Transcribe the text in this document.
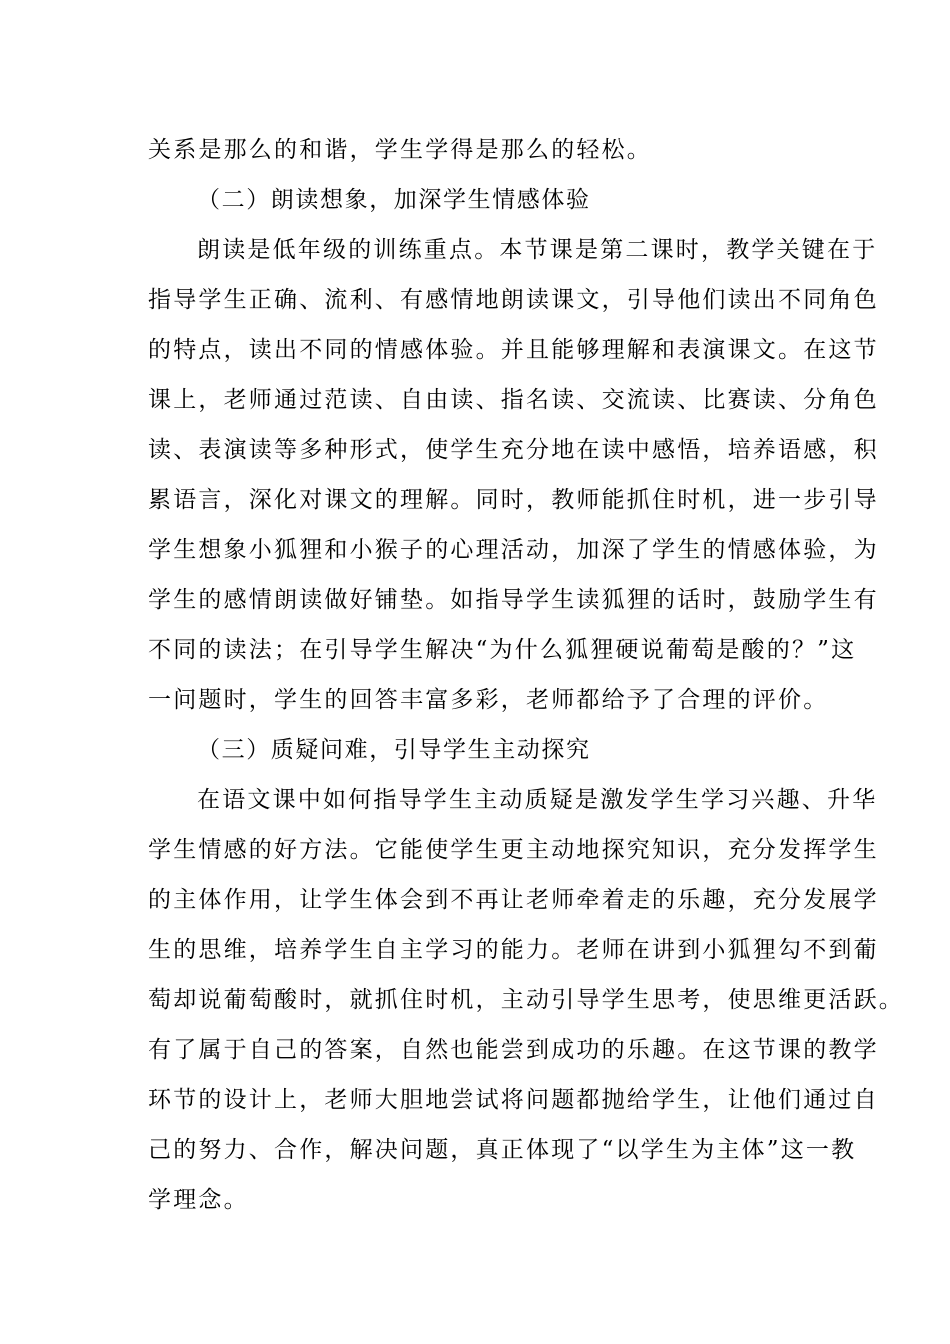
关系是那么的和谐，学生学得是那么的轻松。
（二）朗读想象，加深学生情感体验
朗读是低年级的训练重点。本节课是第二课时，教学关键在于
指导学生正确、流利、有感情地朗读课文，引导他们读出不同角色
的特点，读出不同的情感体验。并且能够理解和表演课文。在这节
课上，老师通过范读、自由读、指名读、交流读、比赛读、分角色
读、表演读等多种形式，使学生充分地在读中感悟，培养语感，积
累语言，深化对课文的理解。同时，教师能抓住时机，进一步引导
学生想象小狐狸和小猴子的心理活动，加深了学生的情感体验，为
学生的感情朗读做好铺垫。如指导学生读狐狸的话时，鼓励学生有
不同的读法；在引导学生解决“为什么狐狸硬说葡萄是酸的？”这
一问题时，学生的回答丰富多彩，老师都给予了合理的评价。
（三）质疑问难，引导学生主动探究
在语文课中如何指导学生主动质疑是激发学生学习兴趣、升华
学生情感的好方法。它能使学生更主动地探究知识，充分发挥学生
的主体作用，让学生体会到不再让老师牵着走的乐趣，充分发展学
生的思维，培养学生自主学习的能力。老师在讲到小狐狸勾不到葡
萄却说葡萄酸时，就抓住时机，主动引导学生思考，使思维更活跃。
有了属于自己的答案，自然也能尝到成功的乐趣。在这节课的教学
环节的设计上，老师大胆地尝试将问题都抛给学生，让他们通过自
己的努力、合作，解决问题，真正体现了“以学生为主体”这一教
学理念。
